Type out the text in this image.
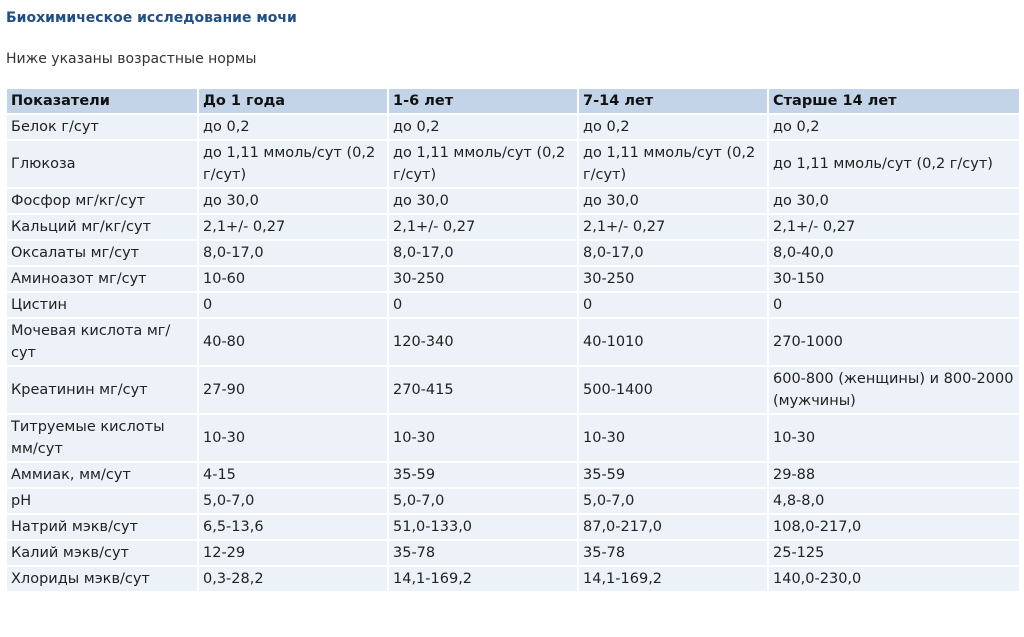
Биохимическое исследование мочи
Ниже указаны возрастные нормы
Показатели	До 1 года	1-6 лет	7-14 лет	Старше 14 лет
Белок г/сут	до 0,2	до 0,2	до 0,2	до 0,2
Глюкоза	до 1,11 ммоль/сут (0,2 г/сут)	до 1,11 ммоль/сут (0,2 г/сут)	до 1,11 ммоль/сут (0,2 г/сут)	до 1,11 ммоль/сут (0,2 г/сут)
Фосфор мг/кг/сут	до 30,0	до 30,0	до 30,0	до 30,0
Кальций мг/кг/сут	2,1+/- 0,27	2,1+/- 0,27	2,1+/- 0,27	2,1+/- 0,27
Оксалаты мг/сут	8,0-17,0	8,0-17,0	8,0-17,0	8,0-40,0
Аминоазот мг/сут	10-60	30-250	30-250	30-150
Цистин	0	0	0	0
Мочевая кислота мг/сут	40-80	120-340	40-1010	270-1000
Креатинин мг/сут	27-90	270-415	500-1400	600-800 (женщины) и 800-2000 (мужчины)
Титруемые кислоты мм/сут	10-30	10-30	10-30	10-30
Аммиак, мм/сут	4-15	35-59	35-59	29-88
pH	5,0-7,0	5,0-7,0	5,0-7,0	4,8-8,0
Натрий мэкв/сут	6,5-13,6	51,0-133,0	87,0-217,0	108,0-217,0
Калий мэкв/сут	12-29	35-78	35-78	25-125
Хлориды мэкв/сут	0,3-28,2	14,1-169,2	14,1-169,2	140,0-230,0
